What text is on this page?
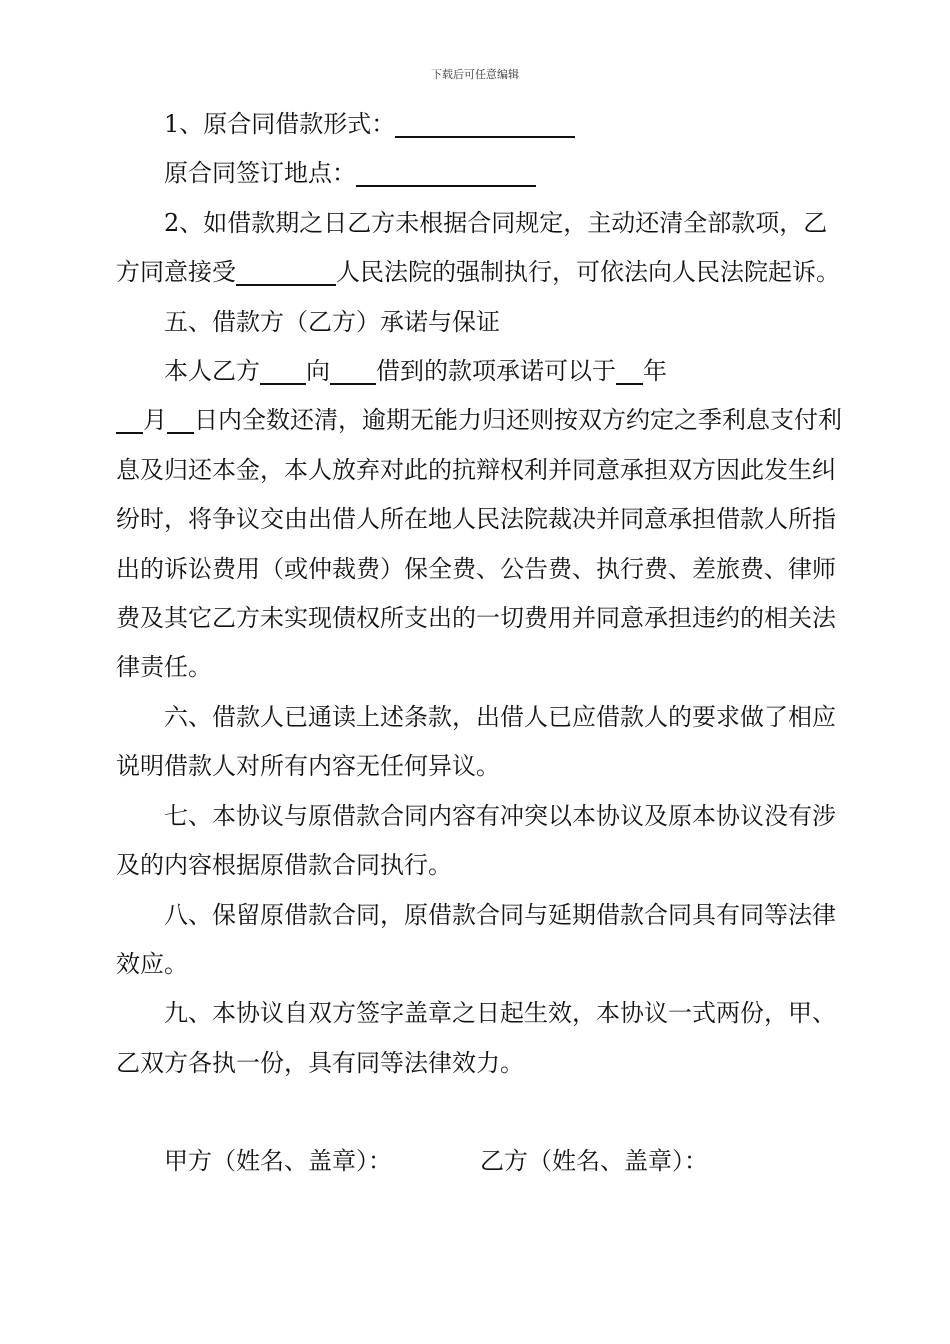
下载后可任意编辑

1、原合同借款形式：

原合同签订地点：

2、如借款期之日乙方未根据合同规定，主动还清全部款项，乙方同意接受	人民法院的强制执行，可依法向人民法院起诉。

五、借款方（乙方）承诺与保证

本人乙方 向 借到的款项承诺可以于 年

月 日内全数还清，逾期无能力归还则按双方约定之季利息支付利息及归还本金，本人放弃对此的抗辩权利并同意承担双方因此发生纠纷时，将争议交由出借人所在地人民法院裁决并同意承担借款人所指出的诉讼费用（或仲裁费）保全费、公告费、执行费、差旅费、律师费及其它乙方未实现债权所支出的一切费用并同意承担违约的相关法律责任。

六、借款人已通读上述条款，出借人已应借款人的要求做了相应说明借款人对所有内容无任何异议。

七、本协议与原借款合同内容有冲突以本协议及原本协议没有涉及的内容根据原借款合同执行。

八、保留原借款合同，原借款合同与延期借款合同具有同等法律效应。

九、本协议自双方签字盖章之日起生效，本协议一式两份，甲、乙双方各执一份，具有同等法律效力。

甲方（姓名、盖章）：	乙方（姓名、盖章）：
